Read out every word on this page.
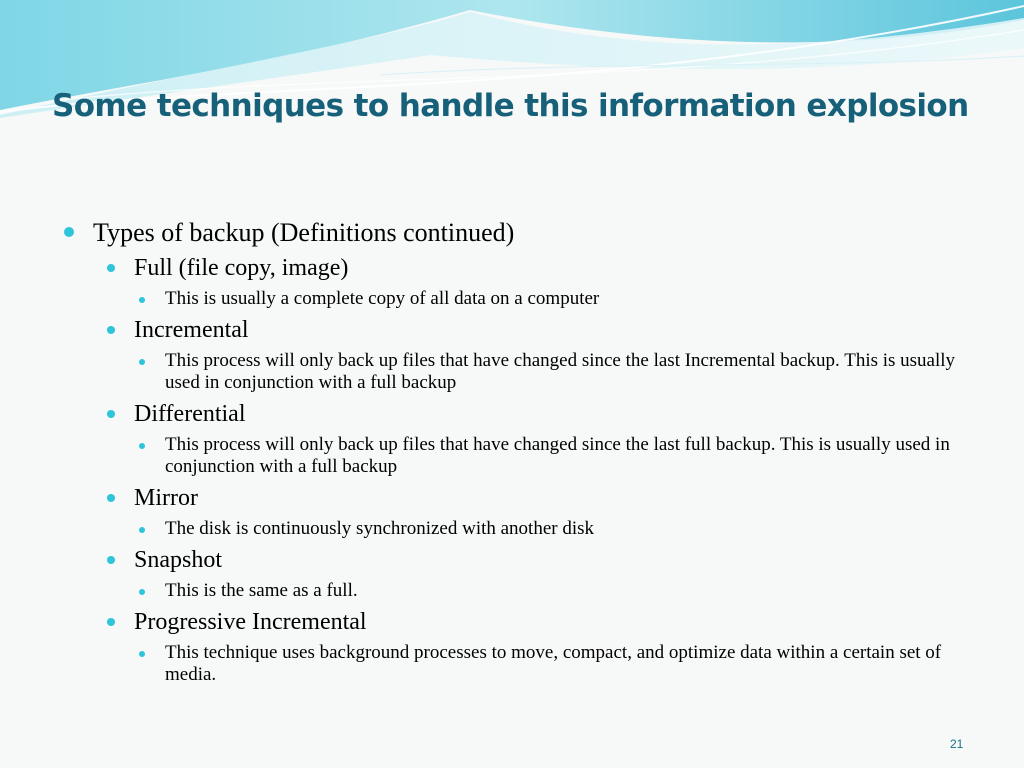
Some techniques to handle this information explosion

Types of backup (Definitions continued)

Full (file copy, image)

This is usually a complete copy of all data on a computer

Incremental

This process will only back up files that have changed since the last Incremental backup. This is usually used in conjunction with a full backup

Differential

This process will only back up files that have changed since the last full backup. This is usually used in conjunction with a full backup

Mirror

The disk is continuously synchronized with another disk

Snapshot

This is the same as a full.

Progressive Incremental

This technique uses background processes to move, compact, and optimize data within a certain set of media.

21
